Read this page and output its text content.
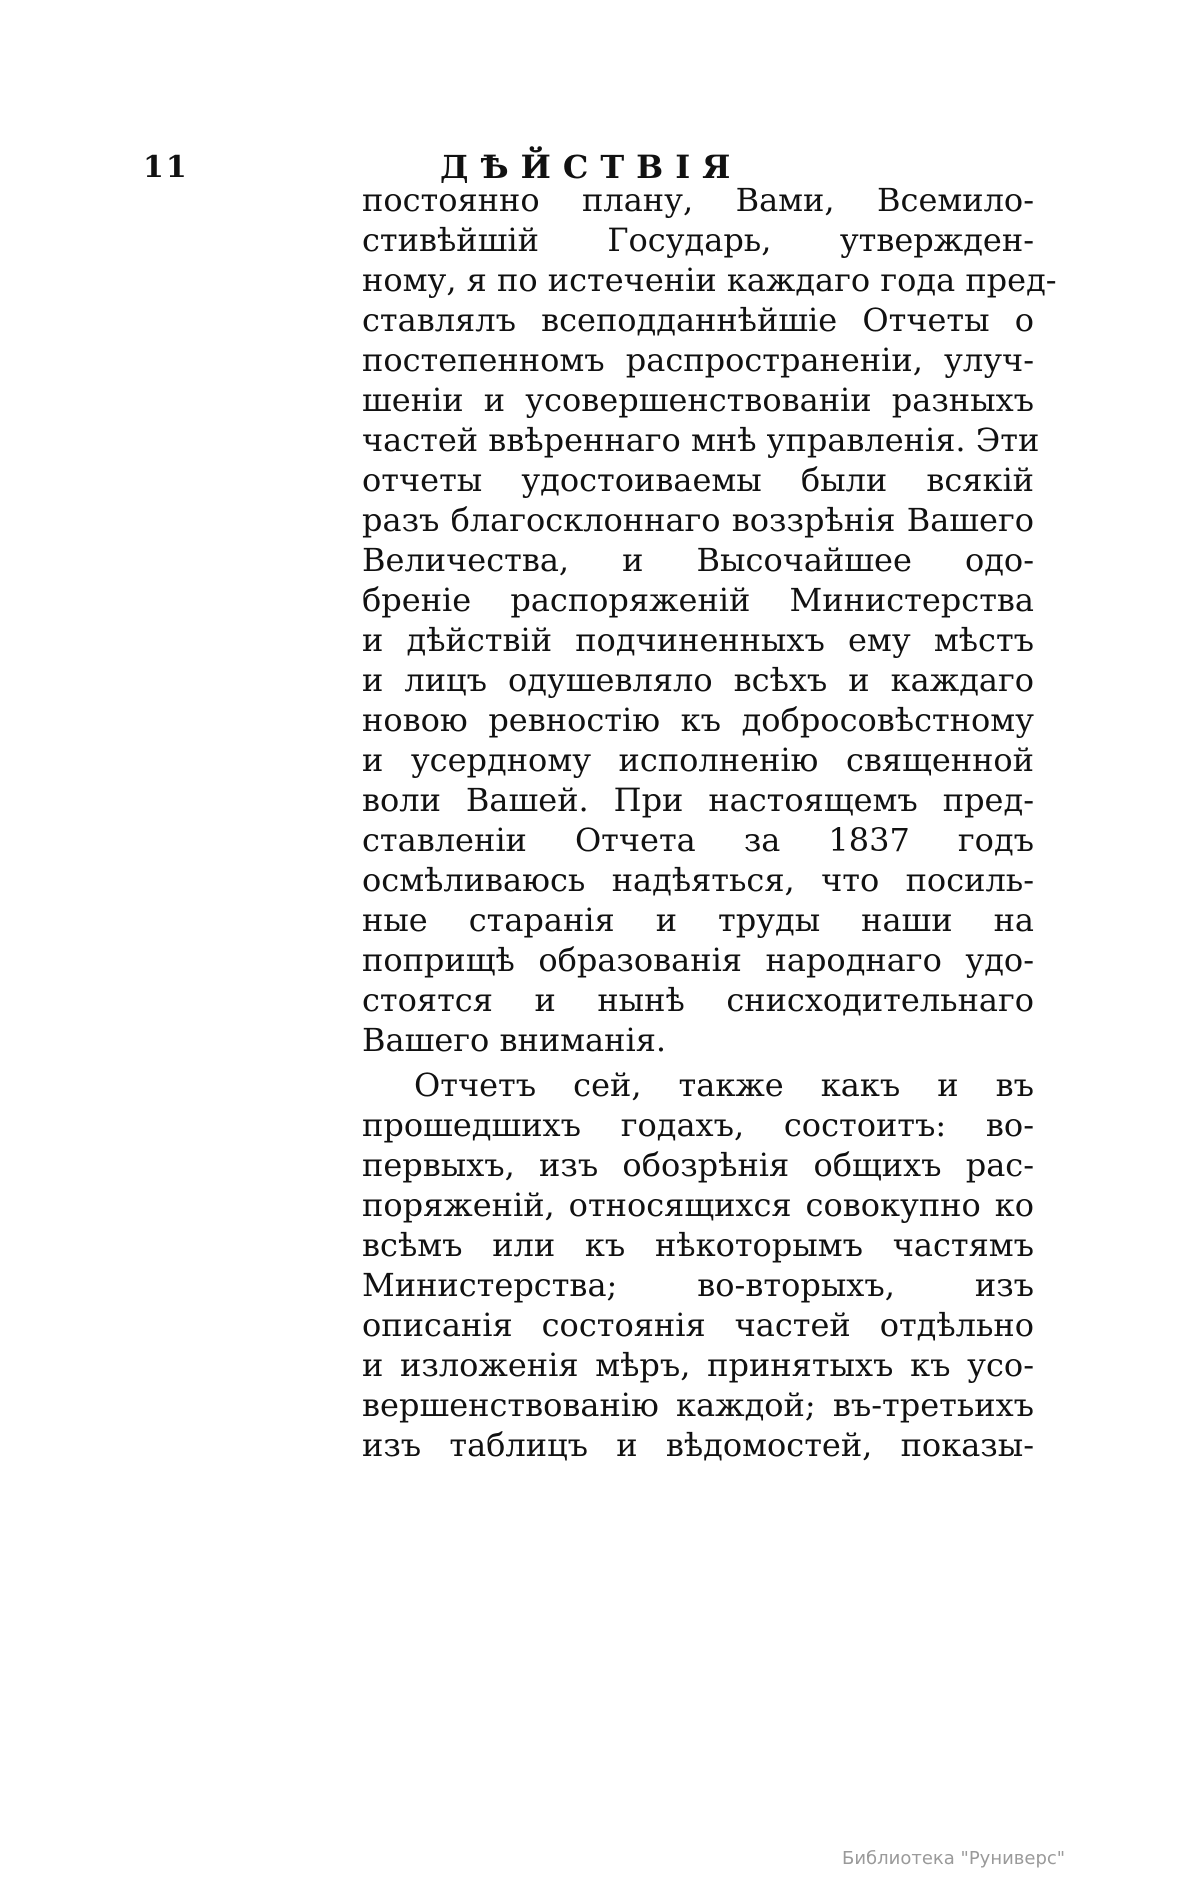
11	ДѢЙСТВІЯ

постоянно плану, Вами, Всемило-

стивѣйшій Государь, утвержден-

ному, я по истеченіи каждаго года пред-

ставлялъ всеподданнѣйшіе Отчеты о

постепенномъ распространеніи, улуч-

шеніи и усовершенствованіи разныхъ

частей ввѣреннаго мнѣ управленія. Эти

отчеты удостоиваемы были всякій

разъ благосклоннаго воззрѣнія Вашего

Величества, и Высочайшее одо-

бреніе распоряженій Министерства

и дѣйствій подчиненныхъ ему мѣстъ

и лицъ одушевляло всѣхъ и каждаго

новою ревностію къ добросовѣстному

и усердному исполненію священной

воли Вашей. При настоящемъ пред-

ставленіи Отчета за 1837 годъ

осмѣливаюсь надѣяться, что посиль-

ные старанія и труды наши на

поприщѣ образованія народнаго удо-

стоятся и нынѣ снисходительнаго

Вашего вниманія.

Отчетъ сей, также какъ и въ

прошедшихъ годахъ, состоитъ: во-

первыхъ, изъ обозрѣнія общихъ рас-

поряженій, относящихся совокупно ко

всѣмъ или къ нѣкоторымъ частямъ

Министерства; во-вторыхъ, изъ

описанія состоянія частей отдѣльно

и изложенія мѣръ, принятыхъ къ усо-

вершенствованію каждой; въ-третьихъ

изъ таблицъ и вѣдомостей, показы-

Библиотека "Руниверс"
